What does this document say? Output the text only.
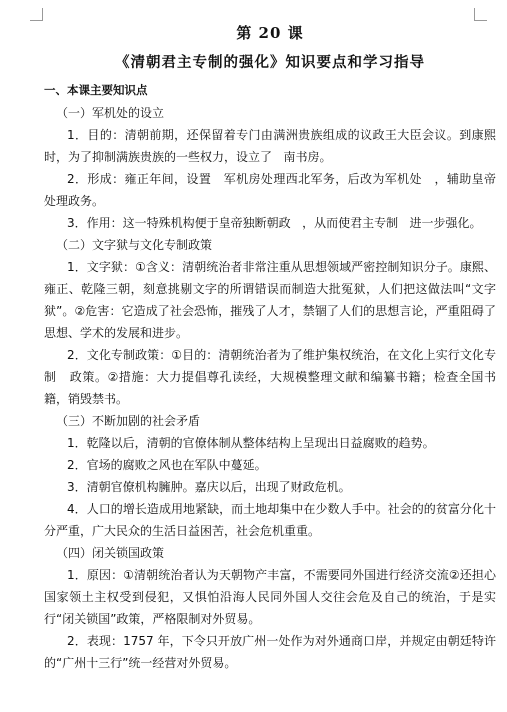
第 20 课
《清朝君主专制的强化》知识要点和学习指导
一、本课主要知识点
（一）军机处的设立

1．目的：清朝前期，还保留着专门由满洲贵族组成的议政王大臣会议。到康熙时，为了抑制满族贵族的一些权力，设立了   南书房。

2．形成：雍正年间，设置   军机房处理西北军务，后改为军机处   ，辅助皇帝   处理政务。

3．作用：这一特殊机构便于皇帝独断朝政   ，从而使君主专制   进一步强化。

（二）文字狱与文化专制政策

1．文字狱：①含义：清朝统治者非常注重从思想领域严密控制知识分子。康熙、雍正、乾隆三朝，刻意挑剔文字的所谓错误而制造大批冤狱，人们把这做法叫“文字狱”。②危害：它造成了社会恐怖，摧残了人才，禁锢了人们的思想言论，严重阻碍了思想、学术的发展和进步。

2．文化专制政策：①目的：清朝统治者为了维护集权统治，在文化上实行文化专制   政策。②措施：大力提倡尊孔读经，大规模整理文献和编纂书籍；检查全国书籍，销毁禁书。

（三）不断加剧的社会矛盾

1．乾隆以后，清朝的官僚体制从整体结构上呈现出日益腐败的趋势。

2．官场的腐败之风也在军队中蔓延。

3．清朝官僚机构臃肿。嘉庆以后，出现了财政危机。

4．人口的增长造成用地紧缺，而土地却集中在少数人手中。社会的的贫富分化十分严重，广大民众的生活日益困苦，社会危机重重。

（四）闭关锁国政策

1．原因：①清朝统治者认为天朝物产丰富，不需要同外国进行经济交流②还担心国家领土主权受到侵犯，又惧怕沿海人民同外国人交往会危及自己的统治，于是实行“闭关锁国”政策，严格限制对外贸易。

2．表现：1757 年，下令只开放广州一处作为对外通商口岸，并规定由朝廷特许的“广州十三行”统一经营对外贸易。
